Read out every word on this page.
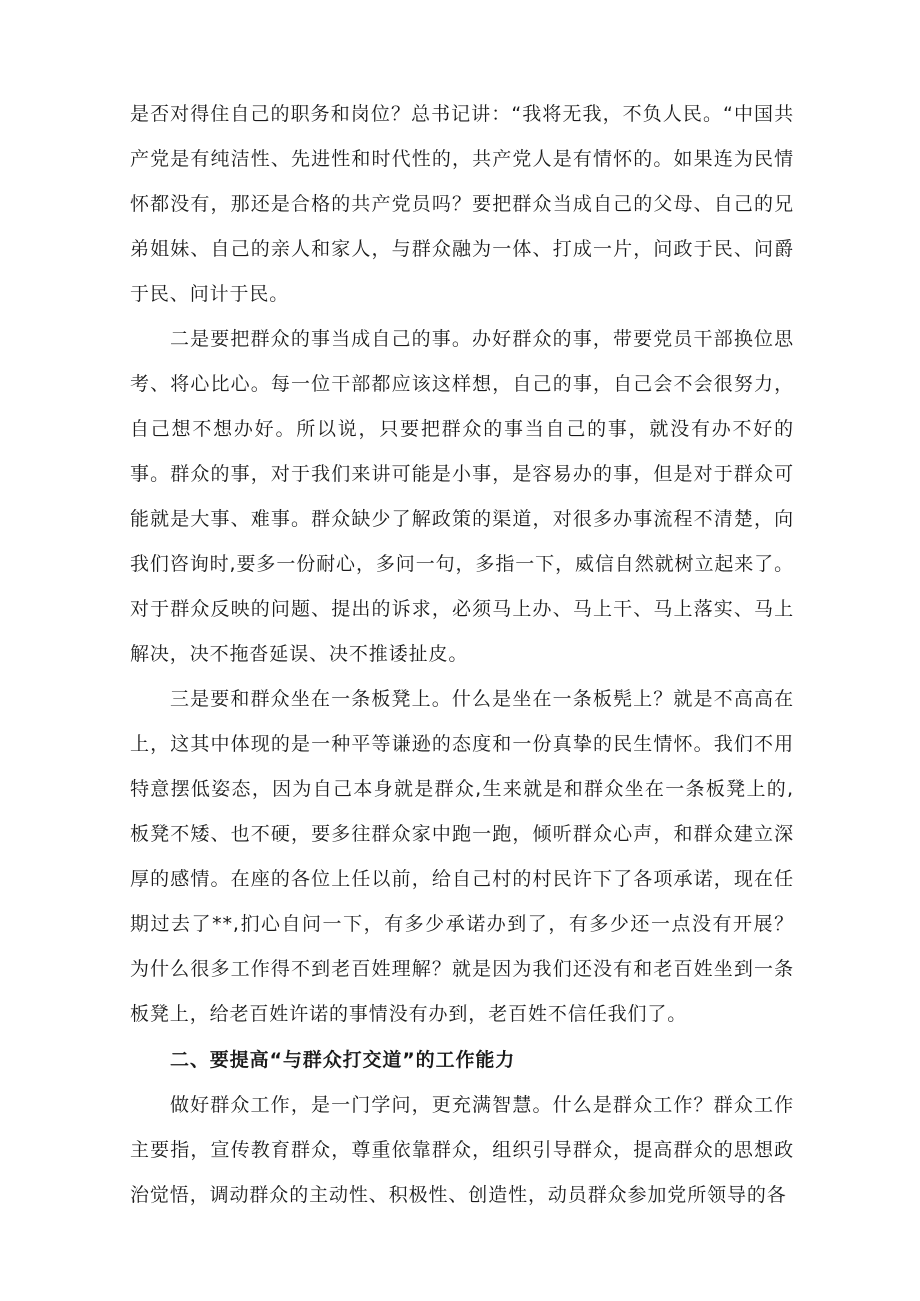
是否对得住自己的职务和岗位？总书记讲：“我将无我，不负人民。“中国共产党是有纯洁性、先进性和时代性的，共产党人是有情怀的。如果连为民情怀都没有，那还是合格的共产党员吗？要把群众当成自己的父母、自己的兄弟姐妹、自己的亲人和家人，与群众融为一体、打成一片，问政于民、问爵于民、问计于民。

二是要把群众的事当成自己的事。办好群众的事，带要党员干部换位思考、将心比心。每一位干部都应该这样想，自己的事，自己会不会很努力，自己想不想办好。所以说，只要把群众的事当自己的事，就没有办不好的事。群众的事，对于我们来讲可能是小事，是容易办的事，但是对于群众可能就是大事、难事。群众缺少了解政策的渠道，对很多办事流程不清楚，向我们咨询时,要多一份耐心，多问一句，多指一下，威信自然就树立起来了。对于群众反映的问题、提出的诉求，必须马上办、马上干、马上落实、马上解决，决不拖沓延误、决不推诿扯皮。

三是要和群众坐在一条板凳上。什么是坐在一条板髡上？就是不高高在上，这其中体现的是一种平等谦逊的态度和一份真挚的民生情怀。我们不用特意摆低姿态，因为自己本身就是群众,生来就是和群众坐在一条板凳上的,板凳不矮、也不硬，要多往群众家中跑一跑，倾听群众心声，和群众建立深厚的感情。在座的各位上任以前，给自己村的村民许下了各项承诺，现在任期过去了**,扪心自问一下，有多少承诺办到了，有多少还一点没有开展？为什么很多工作得不到老百姓理解？就是因为我们还没有和老百姓坐到一条板凳上，给老百姓许诺的事情没有办到，老百姓不信任我们了。

二、要提高“与群众打交道”的工作能力

做好群众工作，是一门学问，更充满智慧。什么是群众工作？群众工作主要指，宣传教育群众，尊重依靠群众，组织引导群众，提高群众的思想政治觉悟，调动群众的主动性、积极性、创造性，动员群众参加党所领导的各
